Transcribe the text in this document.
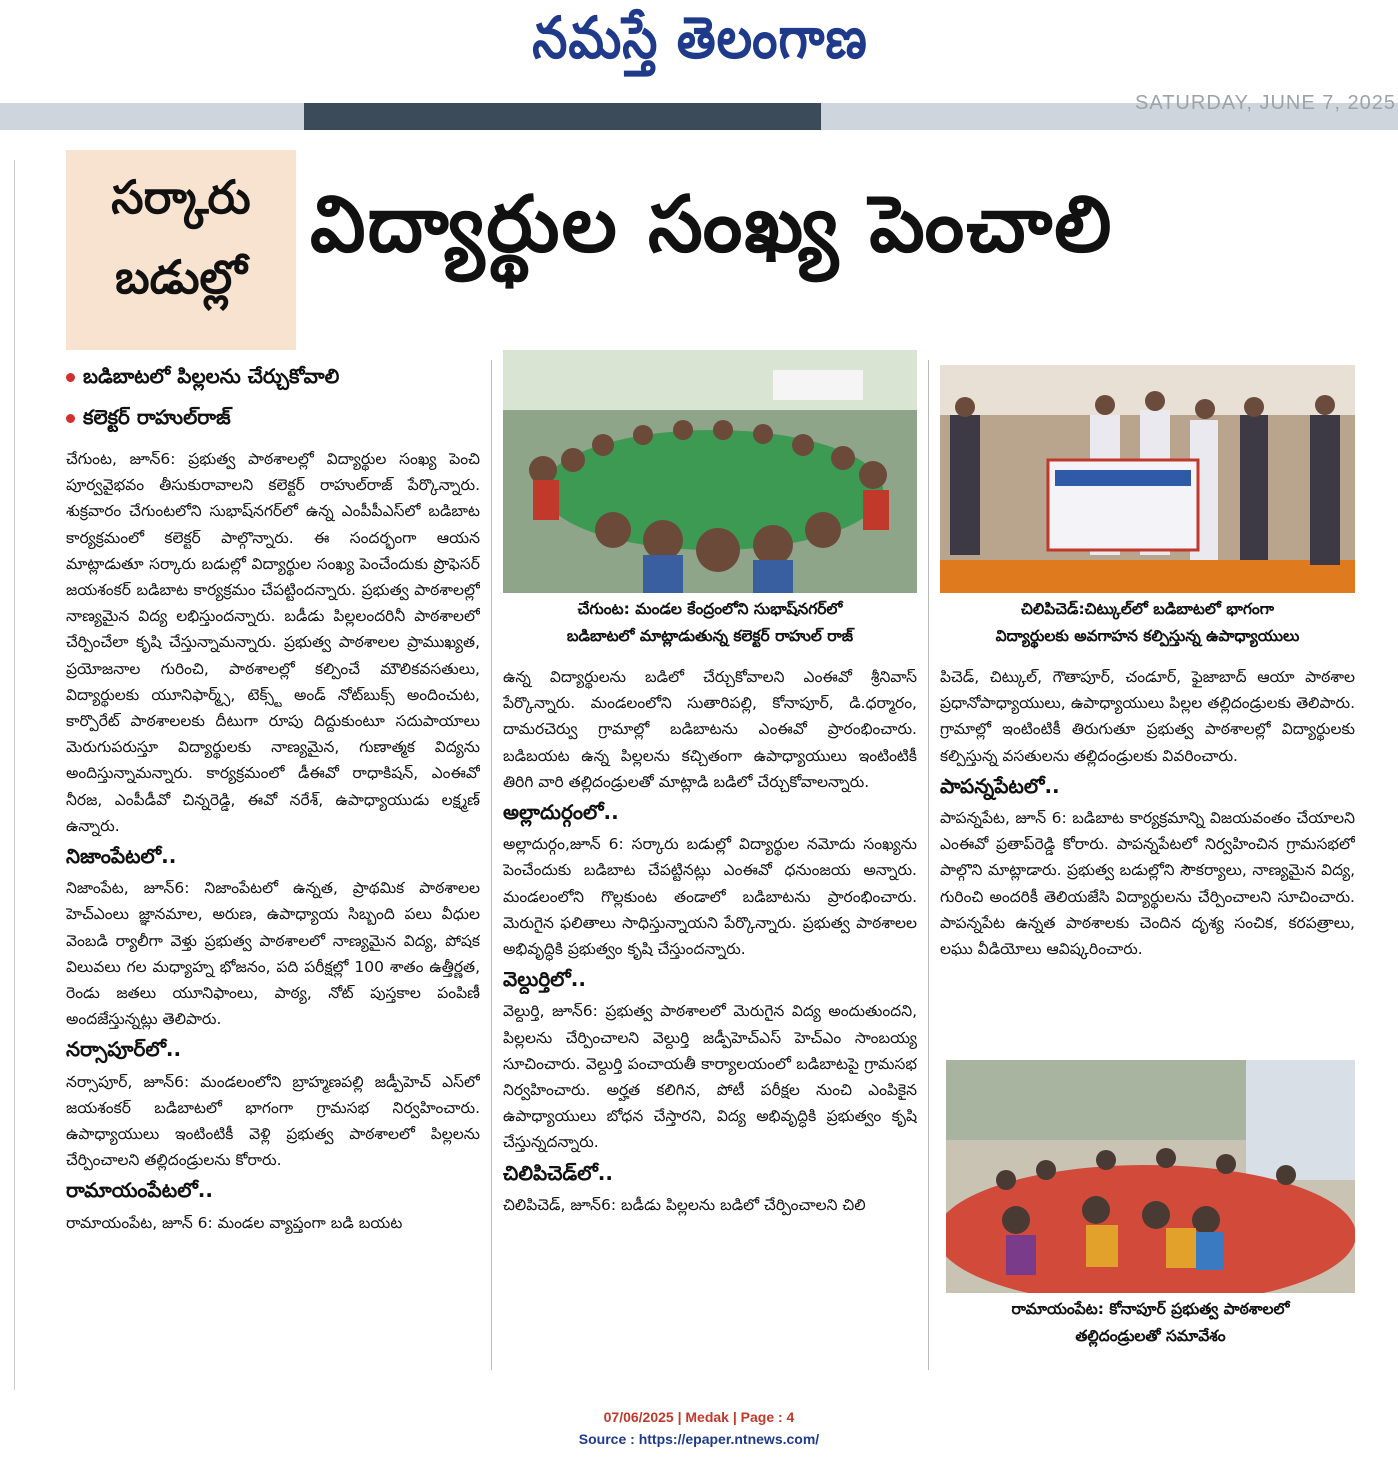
నమస్తే తెలంగాణ
SATURDAY, JUNE 7, 2025
సర్కారు
బడుల్లో
విద్యార్థుల సంఖ్య పెంచాలి
బడిబాటలో పిల్లలను చేర్చుకోవాలి
కలెక్టర్ రాహుల్‌రాజ్

చేగుంట, జూన్6: ప్రభుత్వ పాఠశాలల్లో విద్యార్థుల సంఖ్య పెంచి పూర్వవైభవం తీసుకురావాలని కలెక్టర్ రాహుల్‌రాజ్ పేర్కొన్నారు. శుక్రవారం చేగుంటలోని సుభాష్‌నగర్‌లో ఉన్న ఎంపీపీఎస్‌లో బడిబాట కార్యక్రమంలో కలెక్టర్ పాల్గొన్నారు. ఈ సందర్భంగా ఆయన మాట్లాడుతూ సర్కారు బడుల్లో విద్యార్థుల సంఖ్య పెంచేందుకు ప్రొఫెసర్ జయశంకర్ బడిబాట కార్యక్రమం చేపట్టిందన్నారు. ప్రభుత్వ పాఠశాలల్లో నాణ్యమైన విద్య లభిస్తుందన్నారు. బడీడు పిల్లలందరినీ పాఠశాలలో చేర్పించేలా కృషి చేస్తున్నామన్నారు. ప్రభుత్వ పాఠశాలల ప్రాముఖ్యత, ప్రయోజనాల గురించి, పాఠశాలల్లో కల్పించే మౌలికవసతులు, విద్యార్థులకు యూనిఫార్మ్స్, టెక్స్ట్ అండ్ నోట్‌బుక్స్ అందించుట, కార్పొరేట్ పాఠశాలలకు దీటుగా రూపు దిద్దుకుంటూ సదుపాయాలు మెరుగుపరుస్తూ విద్యార్థులకు నాణ్యమైన, గుణాత్మక విద్యను అందిస్తున్నామన్నారు. కార్యక్రమంలో డీఈవో రాధాకిషన్, ఎంఈవో నీరజ, ఎంపీడీవో చిన్నరెడ్డి, ఈవో నరేశ్, ఉపాధ్యాయుడు లక్ష్మణ్ ఉన్నారు.

నిజాంపేటలో..

నిజాంపేట, జూన్6: నిజాంపేటలో ఉన్నత, ప్రాథమిక పాఠశాలల హెచ్‌ఎంలు జ్ఞానమాల, అరుణ, ఉపాధ్యాయ సిబ్బంది పలు వీధుల వెంబడి ర్యాలీగా వెళ్తు ప్రభుత్వ పాఠశాలలో నాణ్యమైన విద్య, పోషక విలువలు గల మధ్యాహ్న భోజనం, పది పరీక్షల్లో 100 శాతం ఉత్తీర్ణత, రెండు జతలు యూనిఫాంలు, పాఠ్య, నోట్ పుస్తకాల పంపిణీ అందజేస్తున్నట్లు తెలిపారు.

నర్సాపూర్‌లో..

నర్సాపూర్, జూన్6: మండలంలోని బ్రాహ్మణపల్లి జడ్పీహెచ్ ఎస్‌లో జయశంకర్ బడిబాటలో భాగంగా గ్రామసభ నిర్వహించారు. ఉపాధ్యాయులు ఇంటింటికీ వెళ్లి ప్రభుత్వ పాఠశాలలో పిల్లలను చేర్పించాలని తల్లిదండ్రులను కోరారు.

రామాయంపేటలో..

రామాయంపేట, జూన్ 6: మండల వ్యాప్తంగా బడి బయట

చేగుంట: మండల కేంద్రంలోని సుభాష్‌నగర్‌లో
బడిబాటలో మాట్లాడుతున్న కలెక్టర్ రాహుల్ రాజ్
చిలిపిచెడ్:చిట్కుల్‌లో బడిబాటలో భాగంగా
విద్యార్థులకు అవగాహన కల్పిస్తున్న ఉపాధ్యాయులు

ఉన్న విద్యార్థులను బడిలో చేర్చుకోవాలని ఎంఈవో శ్రీనివాస్ పేర్కొన్నారు. మండలంలోని సుతారిపల్లి, కోనాపూర్, డి.ధర్మారం, దామరచెర్వు గ్రామాల్లో బడిబాటను ఎంఈవో ప్రారంభించారు. బడిబయట ఉన్న పిల్లలను కచ్చితంగా ఉపాధ్యాయులు ఇంటింటికీ తిరిగి వారి తల్లిదండ్రులతో మాట్లాడి బడిలో చేర్చుకోవాలన్నారు.

అల్లాదుర్గంలో..

అల్లాదుర్గం,జూన్ 6: సర్కారు బడుల్లో విద్యార్థుల నమోదు సంఖ్యను పెంచేందుకు బడిబాట చేపట్టినట్లు ఎంఈవో ధనుంజయ అన్నారు. మండలంలోని గొల్లకుంట తండాలో బడిబాటను ప్రారంభించారు. మెరుగైన ఫలితాలు సాధిస్తున్నాయని పేర్కొన్నారు. ప్రభుత్వ పాఠశాలల అభివృద్ధికి ప్రభుత్వం కృషి చేస్తుందన్నారు.

వెల్దుర్తిలో..

వెల్దుర్తి, జూన్6: ప్రభుత్వ పాఠశాలలో మెరుగైన విద్య అందుతుందని, పిల్లలను చేర్పించాలని వెల్దుర్తి జడ్పీహెచ్‌ఎస్ హెచ్‌ఎం సాంబయ్య సూచించారు. వెల్దుర్తి పంచాయతీ కార్యాలయంలో బడిబాటపై గ్రామసభ నిర్వహించారు. అర్హత కలిగిన, పోటీ పరీక్షల నుంచి ఎంపికైన ఉపాధ్యాయులు బోధన చేస్తారని, విద్య అభివృద్ధికి ప్రభుత్వం కృషి చేస్తున్నదన్నారు.

చిలిపిచెడ్‌లో..

చిలిపిచెడ్, జూన్6: బడీడు పిల్లలను బడిలో చేర్పించాలని చిలి

పిచెడ్, చిట్కుల్, గౌతాపూర్, చండూర్, ఫైజాబాద్ ఆయా పాఠశాల ప్రధానోపాధ్యాయులు, ఉపాధ్యాయులు పిల్లల తల్లిదండ్రులకు తెలిపారు. గ్రామాల్లో ఇంటింటికీ తిరుగుతూ ప్రభుత్వ పాఠశాలల్లో విద్యార్థులకు కల్పిస్తున్న వసతులను తల్లిదండ్రులకు వివరించారు.

పాపన్నపేటలో..

పాపన్నపేట, జూన్ 6: బడిబాట కార్యక్రమాన్ని విజయవంతం చేయాలని ఎంఈవో ప్రతాప్‌రెడ్డి కోరారు. పాపన్నపేటలో నిర్వహించిన గ్రామసభలో పాల్గొని మాట్లాడారు. ప్రభుత్వ బడుల్లోని సౌకర్యాలు, నాణ్యమైన విద్య, గురించి అందరికీ తెలియజేసి విద్యార్థులను చేర్పించాలని సూచించారు. పాపన్నపేట ఉన్నత పాఠశాలకు చెందిన దృశ్య సంచిక, కరపత్రాలు, లఘు వీడియోలు ఆవిష్కరించారు.

రామాయంపేట: కోనాపూర్ ప్రభుత్వ పాఠశాలలో
తల్లిదండ్రులతో సమావేశం
07/06/2025 | Medak | Page : 4
Source : https://epaper.ntnews.com/
